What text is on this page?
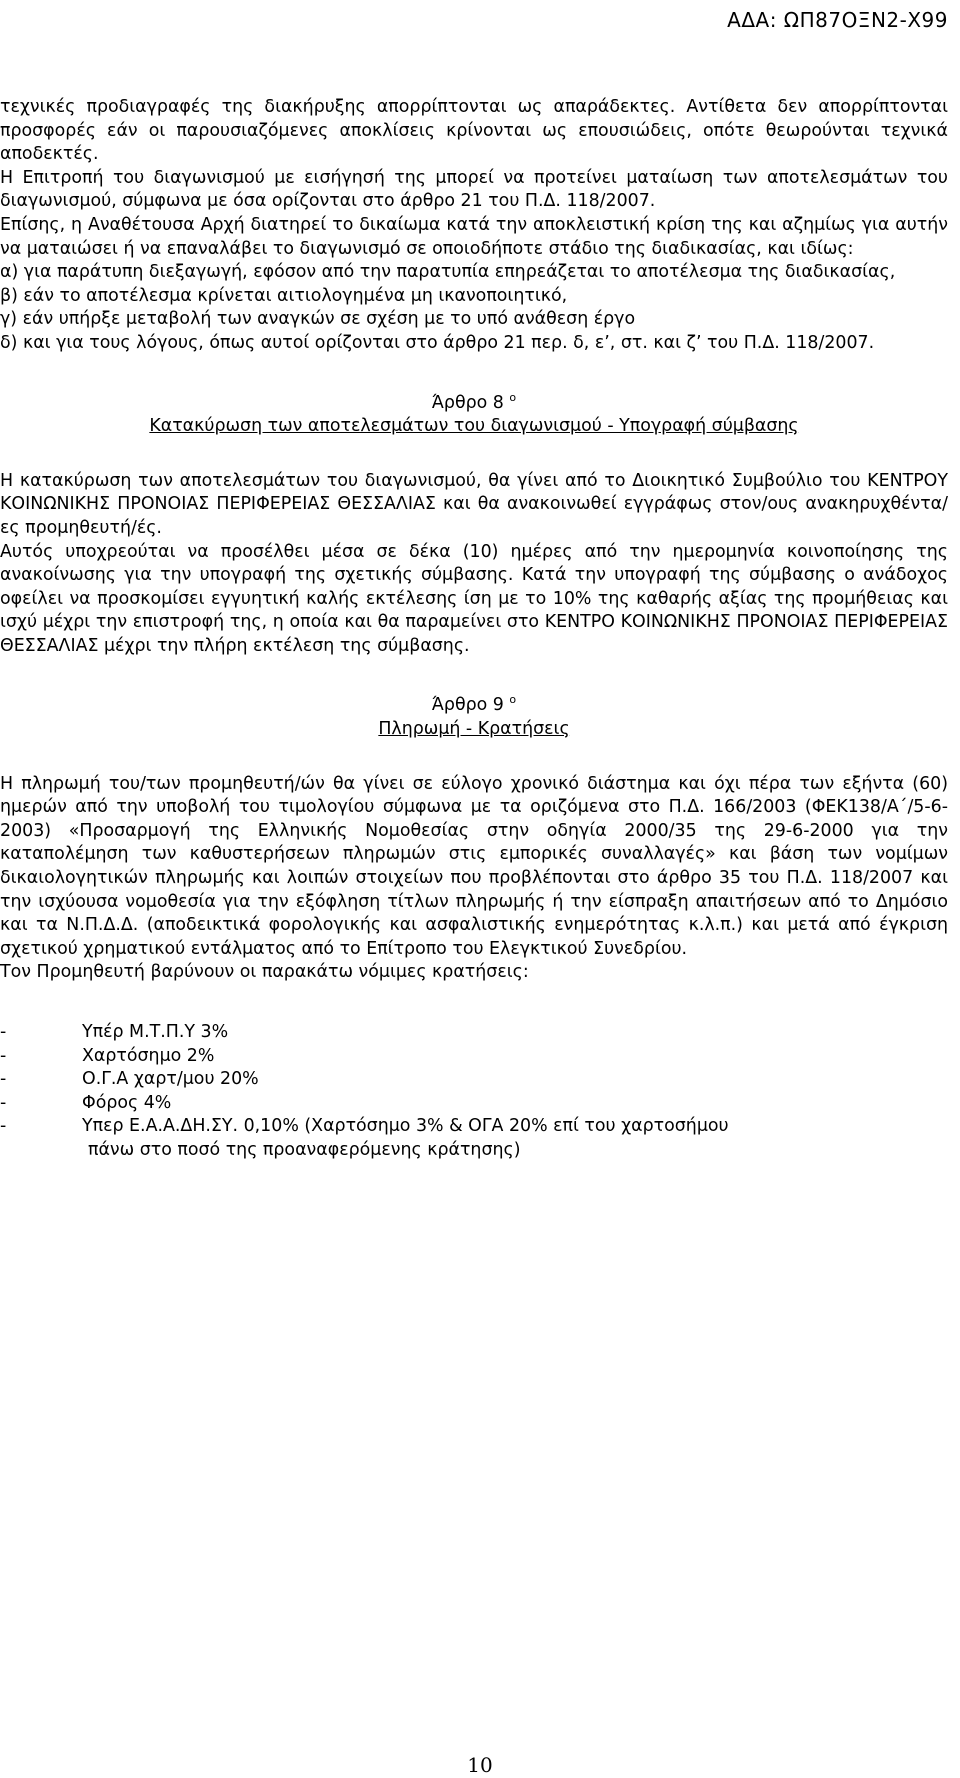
ΑΔΑ: ΩΠ87ΟΞΝ2-Χ99

τεχνικές προδιαγραφές της διακήρυξης απορρίπτονται ως απαράδεκτες. Αντίθετα δεν απορρίπτονται προσφορές εάν οι παρουσιαζόμενες αποκλίσεις κρίνονται ως επουσιώδεις, οπότε θεωρούνται τεχνικά αποδεκτές.

Η Επιτροπή του διαγωνισμού με εισήγησή της μπορεί να προτείνει ματαίωση των αποτελεσμάτων του διαγωνισμού, σύμφωνα με όσα ορίζονται στο άρθρο 21 του Π.Δ. 118/2007.

Επίσης, η Αναθέτουσα Αρχή διατηρεί το δικαίωμα κατά την αποκλειστική κρίση της και αζημίως για αυτήν να ματαιώσει ή να επαναλάβει το διαγωνισμό σε οποιοδήποτε στάδιο της διαδικασίας, και ιδίως:

α) για παράτυπη διεξαγωγή, εφόσον από την παρατυπία επηρεάζεται το αποτέλεσμα της διαδικασίας,

β) εάν το αποτέλεσμα κρίνεται αιτιολογημένα μη ικανοποιητικό,

γ) εάν υπήρξε μεταβολή των αναγκών σε σχέση με το υπό ανάθεση έργο

δ) και για τους λόγους, όπως αυτοί ορίζονται στο άρθρο 21 περ. δ, ε’, στ. και ζ’ του Π.Δ. 118/2007.

Άρθρο 8 $^o$

Κατακύρωση των αποτελεσμάτων του διαγωνισμού - Υπογραφή σύμβασης

Η κατακύρωση των αποτελεσμάτων του διαγωνισμού, θα γίνει από το Διοικητικό Συμβούλιο του ΚΕΝΤΡΟΥ ΚΟΙΝΩΝΙΚΗΣ ΠΡΟΝΟΙΑΣ ΠΕΡΙΦΕΡΕΙΑΣ ΘΕΣΣΑΛΙΑΣ και θα ανακοινωθεί εγγράφως στον/ους ανακηρυχθέντα/ες προμηθευτή/ές.

Αυτός υποχρεούται να προσέλθει μέσα σε δέκα (10) ημέρες από την ημερομηνία κοινοποίησης της ανακοίνωσης για την υπογραφή της σχετικής σύμβασης. Κατά την υπογραφή της σύμβασης ο ανάδοχος οφείλει να προσκομίσει εγγυητική καλής εκτέλεσης ίση με το 10% της καθαρής αξίας της προμήθειας και ισχύ μέχρι την επιστροφή της, η οποία και θα παραμείνει στο ΚΕΝΤΡΟ ΚΟΙΝΩΝΙΚΗΣ ΠΡΟΝΟΙΑΣ ΠΕΡΙΦΕΡΕΙΑΣ ΘΕΣΣΑΛΙΑΣ μέχρι την πλήρη εκτέλεση της σύμβασης.

Άρθρο 9 $^o$

Πληρωμή - Κρατήσεις

Η πληρωμή του/των προμηθευτή/ών θα γίνει σε εύλογο χρονικό διάστημα και όχι πέρα των εξήντα (60) ημερών από την υποβολή του τιμολογίου σύμφωνα με τα οριζόμενα στο Π.Δ. 166/2003 (ΦΕΚ138/Α΄/5-6-2003) «Προσαρμογή της Ελληνικής Νομοθεσίας στην οδηγία 2000/35 της 29-6-2000 για την καταπολέμηση των καθυστερήσεων πληρωμών στις εμπορικές συναλλαγές» και βάση των νομίμων δικαιολογητικών πληρωμής και λοιπών στοιχείων που προβλέπονται στο άρθρο 35 του Π.Δ. 118/2007 και την ισχύουσα νομοθεσία για την εξόφληση τίτλων πληρωμής ή την είσπραξη απαιτήσεων από το Δημόσιο και τα Ν.Π.Δ.Δ. (αποδεικτικά φορολογικής και ασφαλιστικής ενημερότητας κ.λ.π.) και μετά από έγκριση σχετικού χρηματικού εντάλματος από το Επίτροπο του Ελεγκτικού Συνεδρίου.

Τον Προμηθευτή βαρύνουν οι παρακάτω νόμιμες κρατήσεις:

-	Υπέρ Μ.Τ.Π.Υ 3%
-	Χαρτόσημο 2%
-	Ο.Γ.Α χαρτ/μου 20%
-	Φόρος 4%
-	Υπερ Ε.Α.Α.ΔΗ.ΣΥ. 0,10% (Χαρτόσημο 3% & ΟΓΑ 20% επί του χαρτοσήμου

πάνω στο ποσό της προαναφερόμενης κράτησης)

10
